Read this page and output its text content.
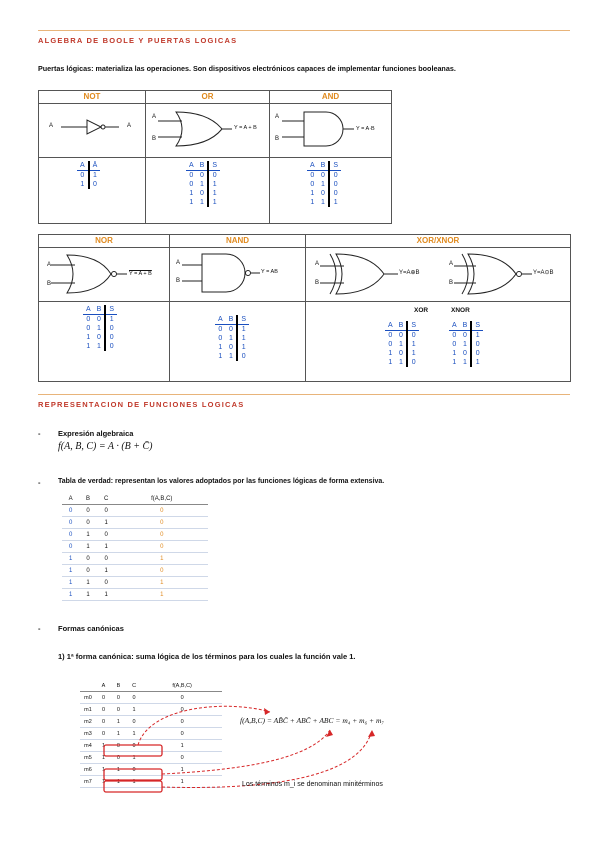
ALGEBRA DE BOOLE Y PUERTAS LOGICAS
Puertas lógicas: materializa las operaciones. Son dispositivos electrónicos capaces de implementar funciones booleanas.
NOT	OR	AND
A	A
A
B
Y = A + B
A
B
Y = A·B
A	Ā
0	1
1	0
A	B	S
0	0	0
0	1	1
1	0	1
1	1	1
A	B	S
0	0	0
0	1	0
1	0	0
1	1	1
NOR	NAND	XOR/XNOR
A
B
Y = A + B
A
B
Y = AB
A
B
Y=A⊕B
A
B
Y=A⊙B
A	B	S
0	0	1
0	1	0
1	0	0
1	1	0
A	B	S
0	0	1
0	1	1
1	0	1
1	1	0
XOR	XNOR
A	B	S
0	0	0
0	1	1
1	0	1
1	1	0
A	B	S
0	0	1
0	1	0
1	0	0
1	1	1
REPRESENTACION DE FUNCIONES LOGICAS
- Expresión algebraica
f(A, B, C) = A · (B + C̄)
-	Tabla de verdad: representan los valores adoptados por las funciones lógicas de forma extensiva.
A	B	C	f(A,B,C)
0	0	0	0
0	0	1	0
0	1	0	0
0	1	1	0
1	0	0	1
1	0	1	0
1	1	0	1
1	1	1	1
- Formas canónicas
1) 1ª forma canónica: suma lógica de los términos para los cuales la función vale 1.
	A	B	C	f(A,B,C)
m0	0	0	0	0
m1	0	0	1	0
m2	0	1	0	0
m3	0	1	1	0
m4	1	0	0	1
m5	1	0	1	0
m6	1	1	0	1
m7	1	1	1	1
f(A,B,C) = AB̄C̄ + ABC̄ + ABC = m₄ + m₆ + m₇
Los términos m_i se denominan minitérminos
